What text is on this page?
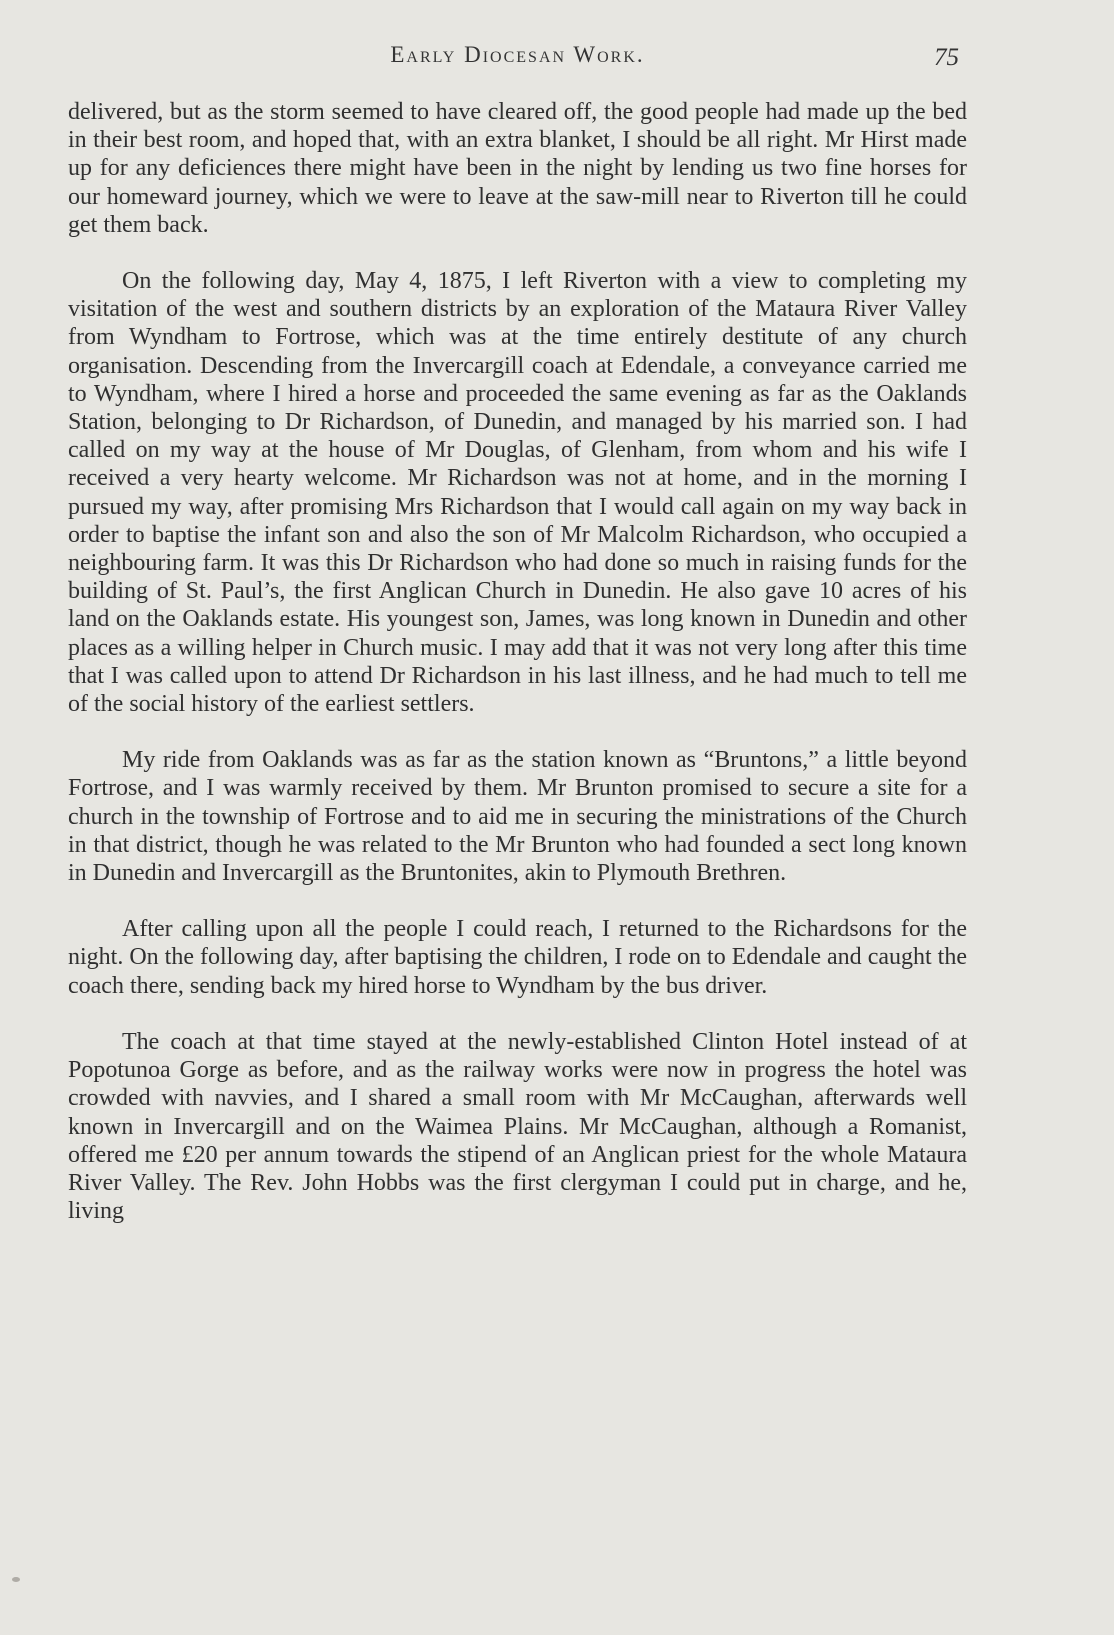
Early Diocesan Work.	75

delivered, but as the storm seemed to have cleared off, the good people had made up the bed in their best room, and hoped that, with an extra blanket, I should be all right. Mr Hirst made up for any deficiences there might have been in the night by lending us two fine horses for our homeward journey, which we were to leave at the saw-mill near to Riverton till he could get them back.

On the following day, May 4, 1875, I left Riverton with a view to completing my visitation of the west and southern districts by an exploration of the Mataura River Valley from Wyndham to Fortrose, which was at the time entirely destitute of any church organisation. Descending from the Invercargill coach at Edendale, a conveyance carried me to Wyndham, where I hired a horse and proceeded the same evening as far as the Oaklands Station, belonging to Dr Richardson, of Dunedin, and managed by his married son. I had called on my way at the house of Mr Douglas, of Glenham, from whom and his wife I received a very hearty welcome. Mr Richardson was not at home, and in the morning I pursued my way, after promising Mrs Richardson that I would call again on my way back in order to baptise the infant son and also the son of Mr Malcolm Richardson, who occupied a neighbouring farm. It was this Dr Richardson who had done so much in raising funds for the building of St. Paul’s, the first Anglican Church in Dunedin. He also gave 10 acres of his land on the Oaklands estate. His youngest son, James, was long known in Dunedin and other places as a willing helper in Church music. I may add that it was not very long after this time that I was called upon to attend Dr Richardson in his last illness, and he had much to tell me of the social history of the earliest settlers.

My ride from Oaklands was as far as the station known as “Bruntons,” a little beyond Fortrose, and I was warmly received by them. Mr Brunton promised to secure a site for a church in the township of Fortrose and to aid me in securing the ministrations of the Church in that district, though he was related to the Mr Brunton who had founded a sect long known in Dunedin and Invercargill as the Bruntonites, akin to Plymouth Brethren.

After calling upon all the people I could reach, I returned to the Richardsons for the night. On the following day, after baptising the children, I rode on to Edendale and caught the coach there, sending back my hired horse to Wyndham by the bus driver.

The coach at that time stayed at the newly-established Clinton Hotel instead of at Popotunoa Gorge as before, and as the railway works were now in progress the hotel was crowded with navvies, and I shared a small room with Mr McCaughan, afterwards well known in Invercargill and on the Waimea Plains. Mr McCaughan, although a Romanist, offered me £20 per annum towards the stipend of an Anglican priest for the whole Mataura River Valley. The Rev. John Hobbs was the first clergyman I could put in charge, and he, living
